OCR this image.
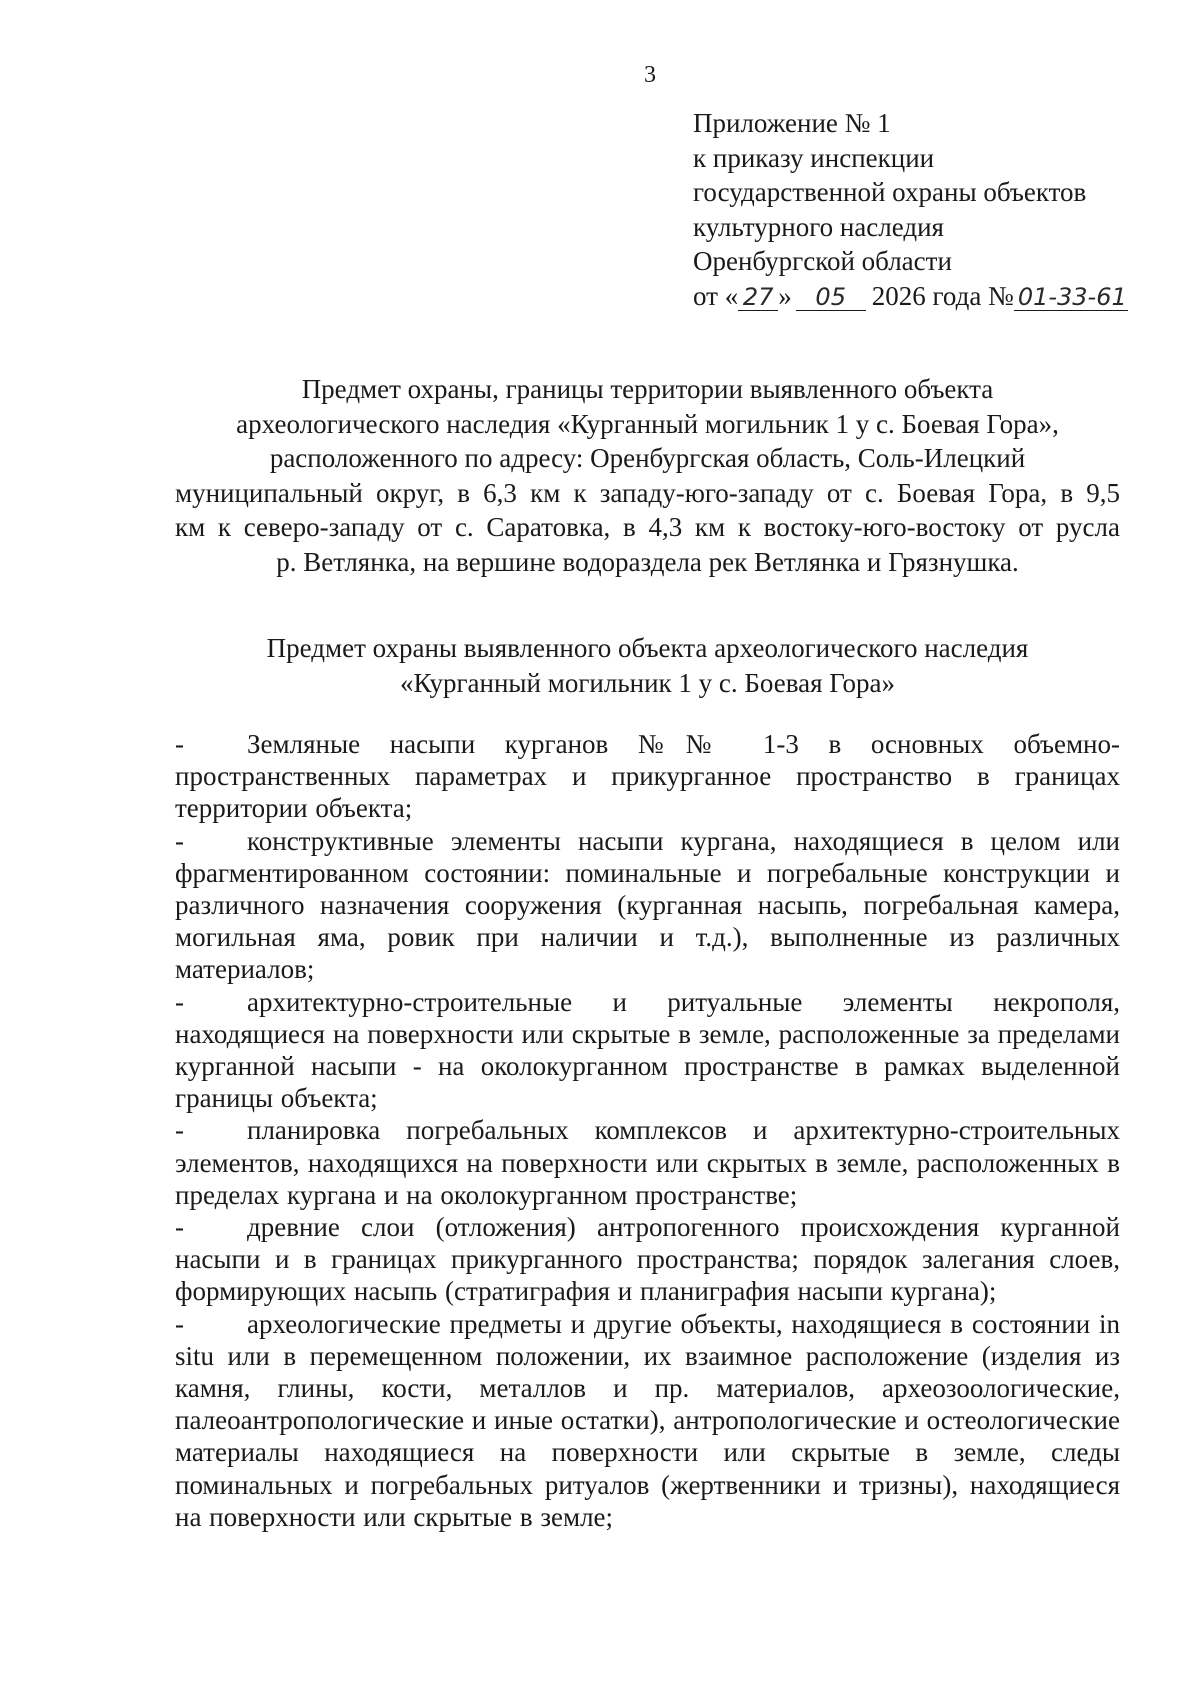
3
Приложение № 1
к приказу инспекции
государственной охраны объектов
культурного наследия
Оренбургской области
от « 27 » 05 2026 года № 01-33-61
Предмет охраны, границы территории выявленного объекта
археологического наследия «Курганный могильник 1 у с. Боевая Гора»,
расположенного по адресу: Оренбургская область, Соль-Илецкий
муниципальный округ, в 6,3 км к западу-юго-западу от с. Боевая Гора, в 9,5
км к северо-западу от с. Саратовка, в 4,3 км к востоку-юго-востоку от русла
р. Ветлянка, на вершине водораздела рек Ветлянка и Грязнушка.
Предмет охраны выявленного объекта археологического наследия
«Курганный могильник 1 у с. Боевая Гора»

- Земляные насыпи курганов №№ 1-3 в основных объемно-пространственных параметрах и прикурганное пространство в границах территории объекта;

- конструктивные элементы насыпи кургана, находящиеся в целом или фрагментированном состоянии: поминальные и погребальные конструкции и различного назначения сооружения (курганная насыпь, погребальная камера, могильная яма, ровик при наличии и т.д.), выполненные из различных материалов;

- архитектурно-строительные и ритуальные элементы некрополя, находящиеся на поверхности или скрытые в земле, расположенные за пределами курганной насыпи - на околокурганном пространстве в рамках выделенной границы объекта;

- планировка погребальных комплексов и архитектурно-строительных элементов, находящихся на поверхности или скрытых в земле, расположенных в пределах кургана и на околокурганном пространстве;

- древние слои (отложения) антропогенного происхождения курганной насыпи и в границах прикурганного пространства; порядок залегания слоев, формирующих насыпь (стратиграфия и планиграфия насыпи кургана);

- археологические предметы и другие объекты, находящиеся в состоянии in situ или в перемещенном положении, их взаимное расположение (изделия из камня, глины, кости, металлов и пр. материалов, археозоологические, палеоантропологические и иные остатки), антропологические и остеологические материалы находящиеся на поверхности или скрытые в земле, следы поминальных и погребальных ритуалов (жертвенники и тризны), находящиеся на поверхности или скрытые в земле;
